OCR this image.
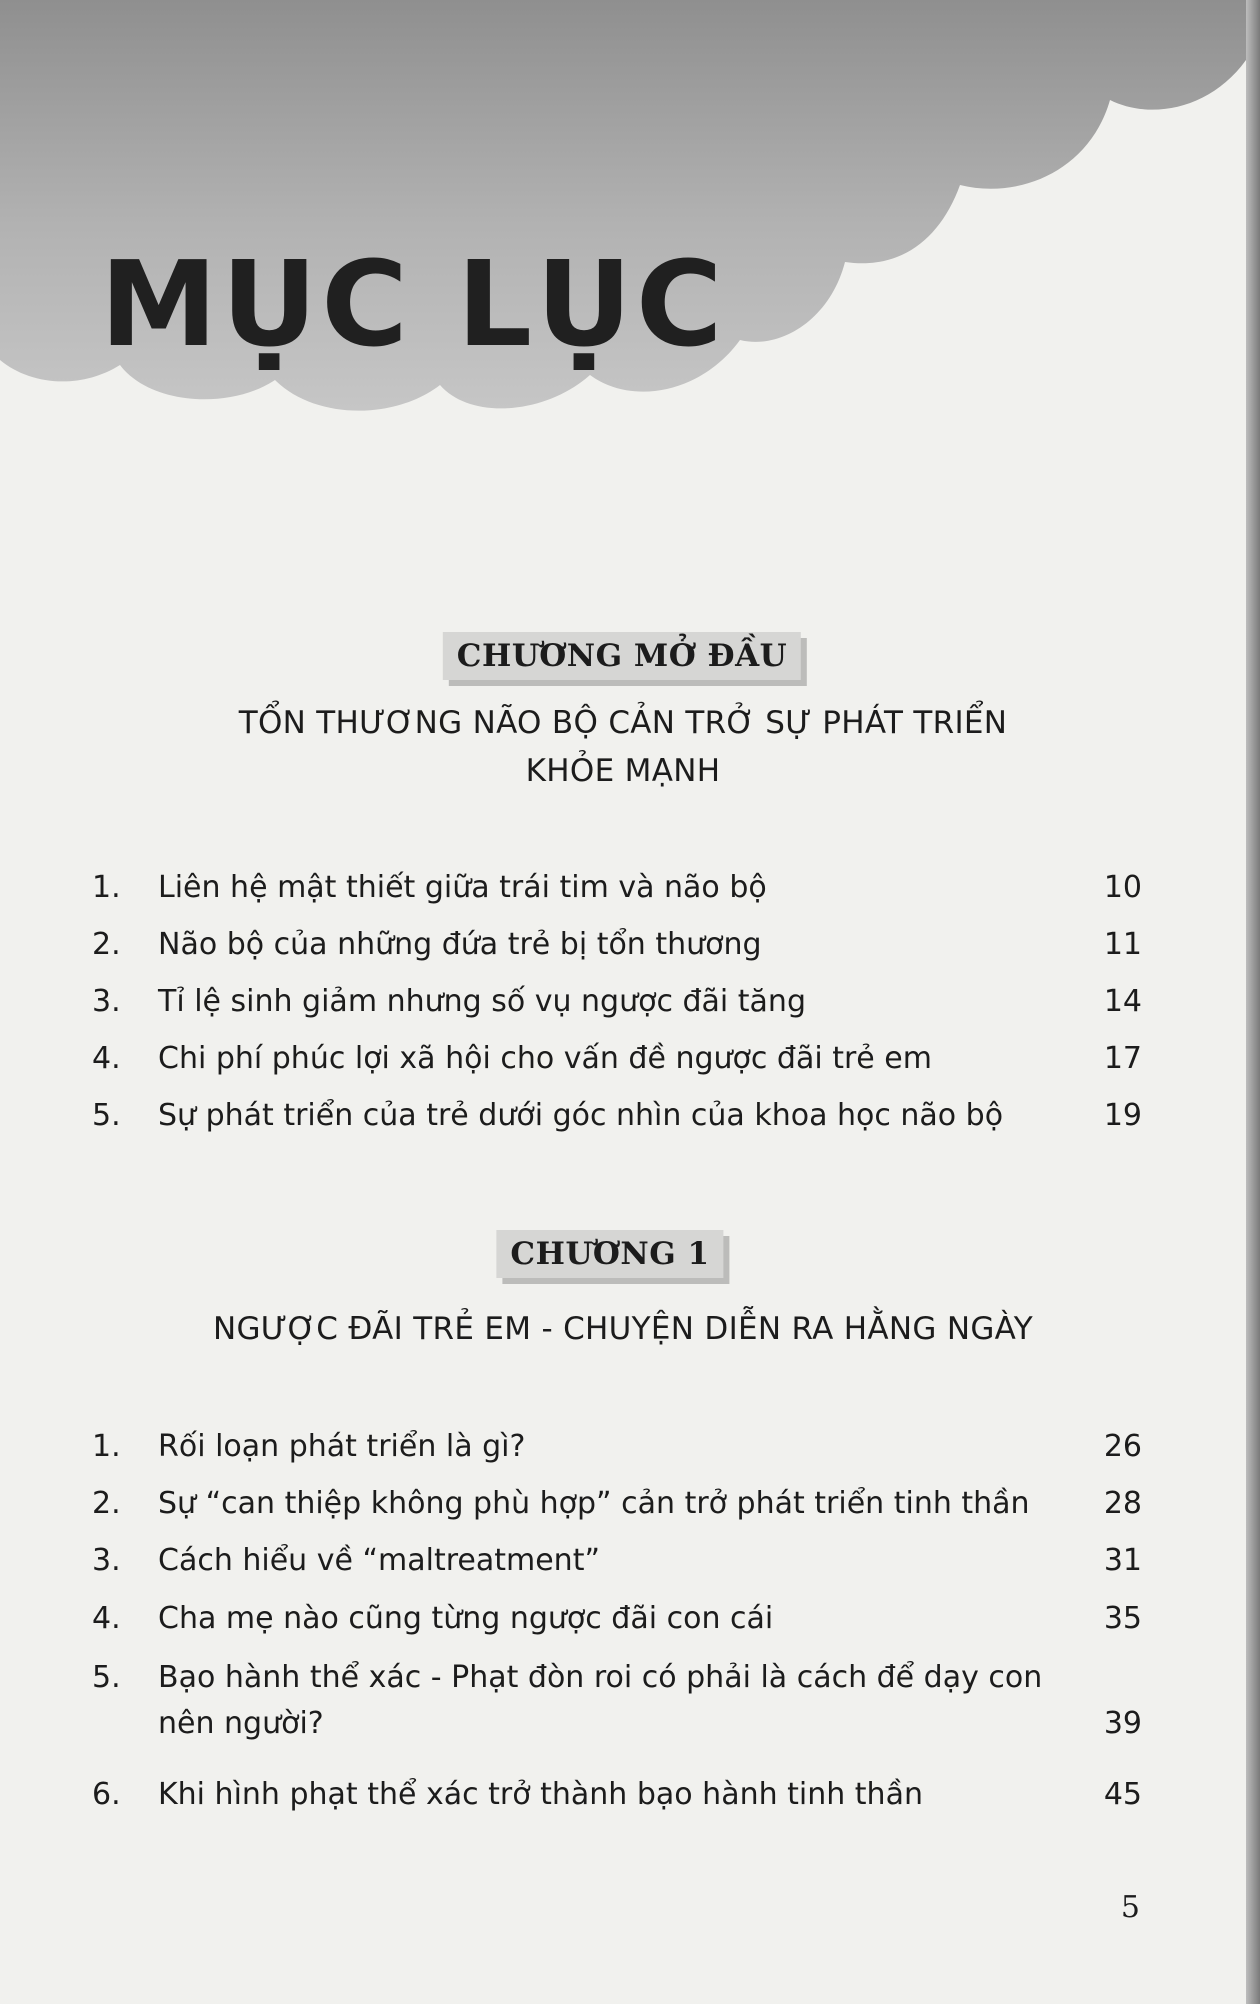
MỤC LỤC
CHƯƠNG MỞ ĐẦU
TỔN THƯƠNG NÃO BỘ CẢN TRỞ SỰ PHÁT TRIỂN
KHỎE MẠNH
1. Liên hệ mật thiết giữa trái tim và não bộ	10
2. Não bộ của những đứa trẻ bị tổn thương	11
3. Tỉ lệ sinh giảm nhưng số vụ ngược đãi tăng	14
4. Chi phí phúc lợi xã hội cho vấn đề ngược đãi trẻ em	17
5. Sự phát triển của trẻ dưới góc nhìn của khoa học não bộ	19
CHƯƠNG 1
NGƯỢC ĐÃI TRẺ EM - CHUYỆN DIỄN RA HẰNG NGÀY
1. Rối loạn phát triển là gì?	26
2. Sự “can thiệp không phù hợp” cản trở phát triển tinh thần 28
3. Cách hiểu về “maltreatment”	31
4. Cha mẹ nào cũng từng ngược đãi con cái	35
5. Bạo hành thể xác - Phạt đòn roi có phải là cách để dạy con nên người?	39
6. Khi hình phạt thể xác trở thành bạo hành tinh thần	45
5
